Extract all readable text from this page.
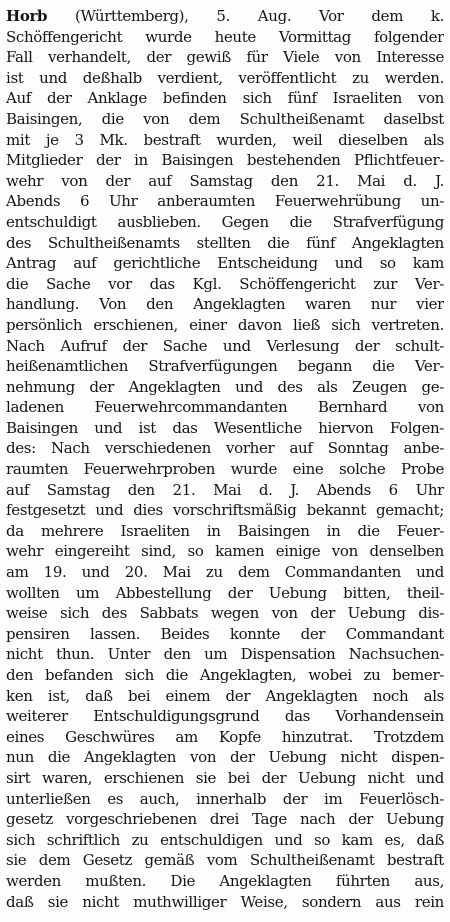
Horb (Württemberg), 5. Aug. Vor dem k.
Schöffengericht wurde heute Vormittag folgender
Fall verhandelt, der gewiß für Viele von Interesse
ist und deßhalb verdient, veröffentlicht zu werden.
Auf der Anklage befinden sich fünf Israeliten von
Baisingen, die von dem Schultheißenamt daselbst
mit je 3 Mk. bestraft wurden, weil dieselben als
Mitglieder der in Baisingen bestehenden Pflichtfeuer-
wehr von der auf Samstag den 21. Mai d. J.
Abends 6 Uhr anberaumten Feuerwehrübung un-
entschuldigt ausblieben. Gegen die Strafverfügung
des Schultheißenamts stellten die fünf Angeklagten
Antrag auf gerichtliche Entscheidung und so kam
die Sache vor das Kgl. Schöffengericht zur Ver-
handlung. Von den Angeklagten waren nur vier
persönlich erschienen, einer davon ließ sich vertreten.
Nach Aufruf der Sache und Verlesung der schult-
heißenamtlichen Strafverfügungen begann die Ver-
nehmung der Angeklagten und des als Zeugen ge-
ladenen Feuerwehrcommandanten Bernhard von
Baisingen und ist das Wesentliche hiervon Folgen-
des: Nach verschiedenen vorher auf Sonntag anbe-
raumten Feuerwehrproben wurde eine solche Probe
auf Samstag den 21. Mai d. J. Abends 6 Uhr
festgesetzt und dies vorschriftsmäßig bekannt gemacht;
da mehrere Israeliten in Baisingen in die Feuer-
wehr eingereiht sind, so kamen einige von denselben
am 19. und 20. Mai zu dem Commandanten und
wollten um Abbestellung der Uebung bitten, theil-
weise sich des Sabbats wegen von der Uebung dis-
pensiren lassen. Beides konnte der Commandant
nicht thun. Unter den um Dispensation Nachsuchen-
den befanden sich die Angeklagten, wobei zu bemer-
ken ist, daß bei einem der Angeklagten noch als
weiterer Entschuldigungsgrund das Vorhandensein
eines Geschwüres am Kopfe hinzutrat. Trotzdem
nun die Angeklagten von der Uebung nicht dispen-
sirt waren, erschienen sie bei der Uebung nicht und
unterließen es auch, innerhalb der im Feuerlösch-
gesetz vorgeschriebenen drei Tage nach der Uebung
sich schriftlich zu entschuldigen und so kam es, daß
sie dem Gesetz gemäß vom Schultheißenamt bestraft
werden mußten. Die Angeklagten führten aus,
daß sie nicht muthwilliger Weise, sondern aus rein
